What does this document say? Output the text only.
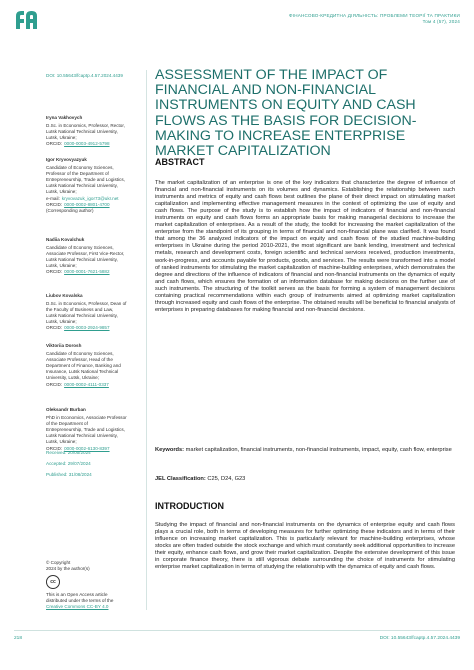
ФІНАНСОВО-КРЕДИТНА ДІЯЛЬНІСТЬ: ПРОБЛЕМИ ТЕОРІЇ ТА ПРАКТИКИ
Том 4 (57), 2024
DOI: 10.55643/fcaptp.4.57.2024.4439 ASSESSMENT OF THE IMPACT OF FINANCIAL AND NON-FINANCIAL INSTRUMENTS ON EQUITY AND CASH FLOWS AS THE BASIS FOR DECISION-MAKING TO INCREASE ENTERPRISE MARKET CAPITALIZATION
Iryna Vakhovych
D.Sc. in Economics, Professor, Rector,
Lutsk National Technical University,
Lutsk, Ukraine;
ORCID: 0000-0003-4912-5798
Igor Kryvovyazyuk
Candidate of Economy Sciences,
Professor of the Department of
Entrepreneurship, Trade and Logistics,
Lutsk National Technical University,
Lutsk, Ukraine;
e-mail: kryvovazuk_igor73@ukr.net
ORCID: 0000-0002-8801-4700
(Corresponding author)
Nadiia Kovalchuk
Candidate of Economy Sciences,
Associate Professor, First Vice-Rector,
Lutsk National Technical University,
Lutsk, Ukraine;
ORCID: 0000-0001-7621-5882
Liubov Kovalska
D.Sc. in Economics, Professor, Dean of
the Faculty of Business and Law,
Lutsk National Technical University,
Lutsk, Ukraine;
ORCID: 0000-0003-2924-9857
Viktoriia Dorosh
Candidate of Economy Sciences,
Associate Professor, Head of the
Department of Finance, Banking and
Insurance, Lutsk National Technical
University, Lutsk, Ukraine;
ORCID: 0000-0002-4111-0337
Oleksandr Burban
PhD in Economics, Associate Professor
of the Department of
Entrepreneurship, Trade and Logistics,
Lutsk National Technical University,
Lutsk, Ukraine;
ORCID: 0000-0002-6130-8397
Received: 20/05/2024
Accepted: 29/07/2024
Published: 31/08/2024
© Copyright
2024 by the author(s)
cc
This is an Open Access article
distributed under the terms of the
Creative Commons CC-BY 4.0
ABSTRACT

The market capitalization of an enterprise is one of the key indicators that characterize the degree of influence of financial and non-financial instruments on its volumes and dynamics. Establishing the relationship between such instruments and metrics of equity and cash flows best outlines the plane of their direct impact on stimulating market capitalization and implementing effective management measures in the context of optimizing the use of equity and cash flows. The purpose of the study is to establish how the impact of indicators of financial and non-financial instruments on equity and cash flows forms an appropriate basis for making managerial decisions to increase the market capitalization of enterprises. As a result of the study, the toolkit for increasing the market capitalization of the enterprise from the standpoint of its grouping in terms of financial and non-financial plane was clarified. It was found that among the 36 analyzed indicators of the impact on equity and cash flows of the studied machine-building enterprises in Ukraine during the period 2010-2021, the most significant are bank lending, investment and technical metals, research and development costs, foreign scientific and technical services received, production investments, work-in-progress, and accounts payable for products, goods, and services. The results were transformed into a model of ranked instruments for stimulating the market capitalization of machine-building enterprises, which demonstrates the degree and directions of the influence of indicators of financial and non-financial instruments on the dynamics of equity and cash flows, which ensures the formation of an information database for making decisions on the further use of such instruments. The structuring of the toolkit serves as the basis for forming a system of management decisions containing practical recommendations within each group of instruments aimed at optimizing market capitalization through increased equity and cash flows of the enterprise. The obtained results will be beneficial to financial analysts of enterprises in preparing databases for making financial and non-financial decisions.

Keywords: market capitalization, financial instruments, non-financial instruments, impact, equity, cash flow, enterprise
JEL Classification: C25, D24, G23
INTRODUCTION

Studying the impact of financial and non-financial instruments on the dynamics of enterprise equity and cash flows plays a crucial role, both in terms of developing measures for further optimizing these indicators and in terms of their influence on increasing market capitalization. This is particularly relevant for machine-building enterprises, whose stocks are often traded outside the stock exchange and which must constantly seek additional opportunities to increase their equity, enhance cash flows, and grow their market capitalization. Despite the extensive development of this issue in corporate finance theory, there is still vigorous debate surrounding the choice of instruments for stimulating enterprise market capitalization in terms of studying the relationship with the dynamics of equity and cash flows.

218	DOI: 10.55643/fcaptp.4.57.2024.4439
